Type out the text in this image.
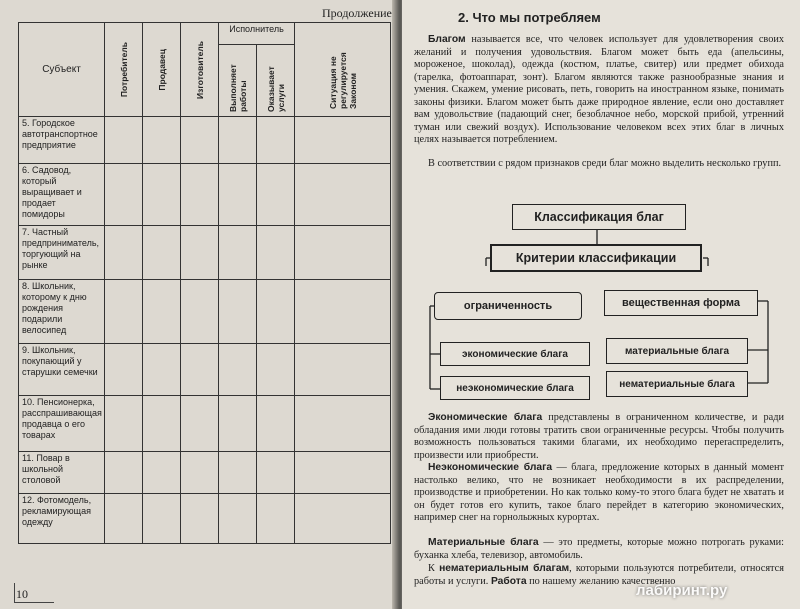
Продолжение
Субъект	Потребитель	Продавец	Изготовитель	Исполнитель		Ситуация не регулируется Законом

				Выполняет работы	Оказывает услуги	

5. Городское автотранспортное предприятие						
6. Садовод, который выращивает и продает помидоры						
7. Частный предприниматель, торгующий на рынке						
8. Школьник, которому к дню рождения подарили велосипед						
9. Школьник, покупающий у старушки семечки						
10. Пенсионерка, расспрашивающая продавца о его товарах						
11. Повар в школьной столовой						
12. Фотомодель, рекламирующая одежду						
10
2. Что мы потребляем

Благом называется все, что человек использует для удовлетворения своих желаний и получения удовольствия. Благом может быть еда (апельсины, мороженое, шоколад), одежда (костюм, платье, свитер) или предмет обихода (тарелка, фотоаппарат, зонт). Благом являются также разнообразные знания и умения. Скажем, умение рисовать, петь, говорить на иностранном языке, понимать законы физики. Благом может быть даже природное явление, если оно доставляет вам удовольствие (падающий снег, безоблачное небо, морской прибой, утренний туман или свежий воздух). Использование человеком всех этих благ в личных целях называется потреблением.

В соответствии с рядом признаков среди благ можно выделить несколько групп.

Классификация благ
Критерии классификации
ограниченность	вещественная форма
экономические блага
неэкономические блага
материальные блага
нематериальные блага

Экономические блага представлены в ограниченном количестве, и ради обладания ими люди готовы тратить свои ограниченные ресурсы. Чтобы получить возможность пользоваться такими благами, их необходимо переraспределить, произвести или приобрести.

Неэкономические блага — блага, предложение которых в данный момент настолько велико, что не возникает необходимости в их распределении, производстве и приобретении. Но как только кому-то этого блага будет не хватать и он будет готов его купить, такое благо перейдет в категорию экономических, например снег на горнолыжных курортах.

Материальные блага — это предметы, которые можно потрогать руками: буханка хлеба, телевизор, автомобиль.

К нематериальным благам, которыми пользуются потребители, относятся работы и услуги. Работа по нашему желанию качественно

лабиринт.ру
